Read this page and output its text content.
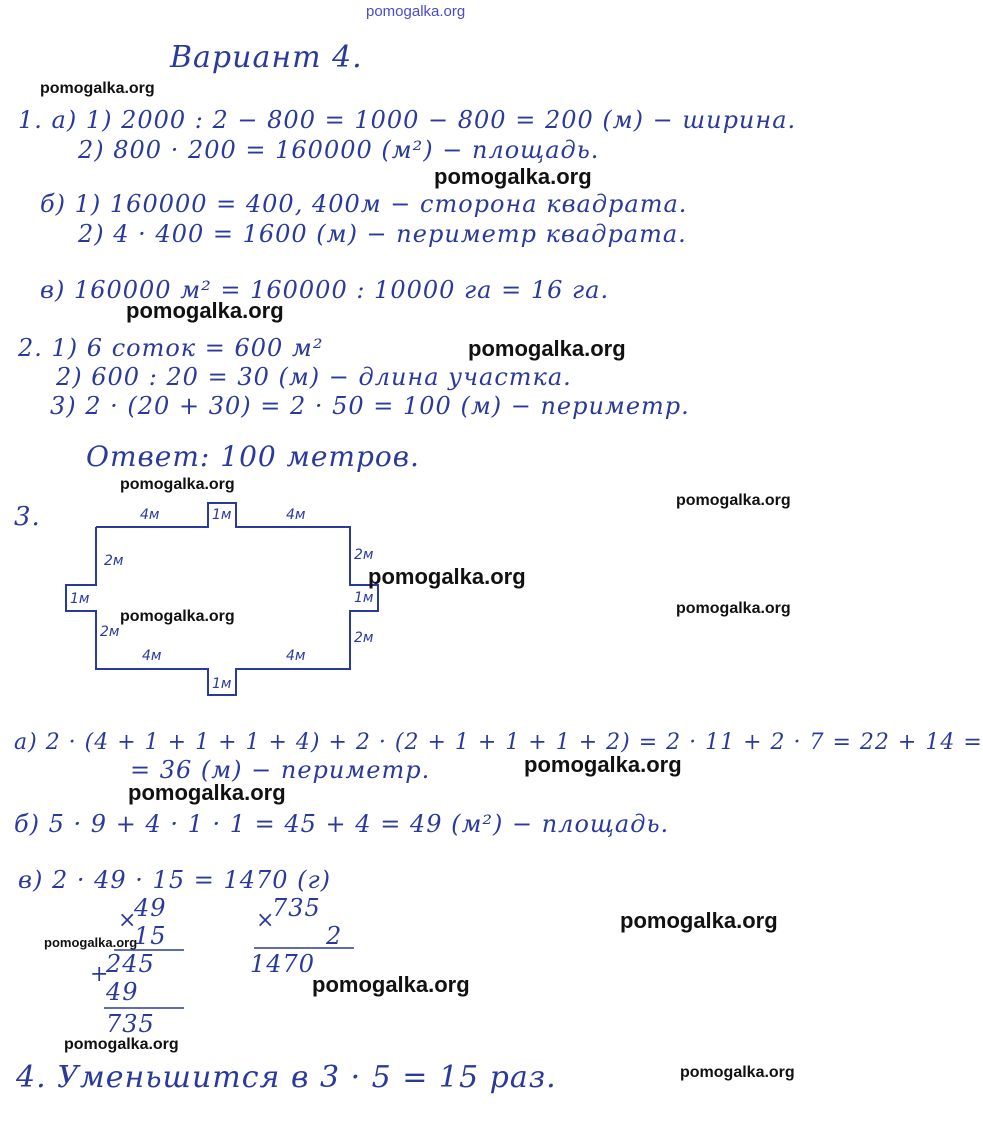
pomogalka.org
Вариант 4.
1. а) 1) 2000 : 2 − 800 = 1000 − 800 = 200 (м) − ширина.
2) 800 · 200 = 160000 (м²) − площадь.
б) 1) 160000 = 400, 400м − сторона квадрата.
2) 4 · 400 = 1600 (м) − периметр квадрата.
в) 160000 м² = 160000 : 10000 га = 16 га.
2. 1) 6 соток = 600 м²
2) 600 : 20 = 30 (м) − длина участка.
3) 2 · (20 + 30) = 2 · 50 = 100 (м) − периметр.
Ответ: 100 метров.
3.	4м	1м	4м
2м
1м
2м
2м
1м
2м
4м
1м
4м
а) 2 · (4 + 1 + 1 + 1 + 4) + 2 · (2 + 1 + 1 + 1 + 2) = 2 · 11 + 2 · 7 = 22 + 14 =
= 36 (м) − периметр.
б) 5 · 9 + 4 · 1 · 1 = 45 + 4 = 49 (м²) − площадь.
в) 2 · 49 · 15 = 1470 (г)
×
49
15
+
245
49
735
×
735
2
1470
4. Уменьшится в 3 · 5 = 15 раз.
pomogalka.org
pomogalka.org
pomogalka.org
pomogalka.org
pomogalka.org
pomogalka.org
pomogalka.org
pomogalka.org
pomogalka.org
pomogalka.org
pomogalka.org
pomogalka.org
pomogalka.org
pomogalka.org
pomogalka.org
pomogalka.org
